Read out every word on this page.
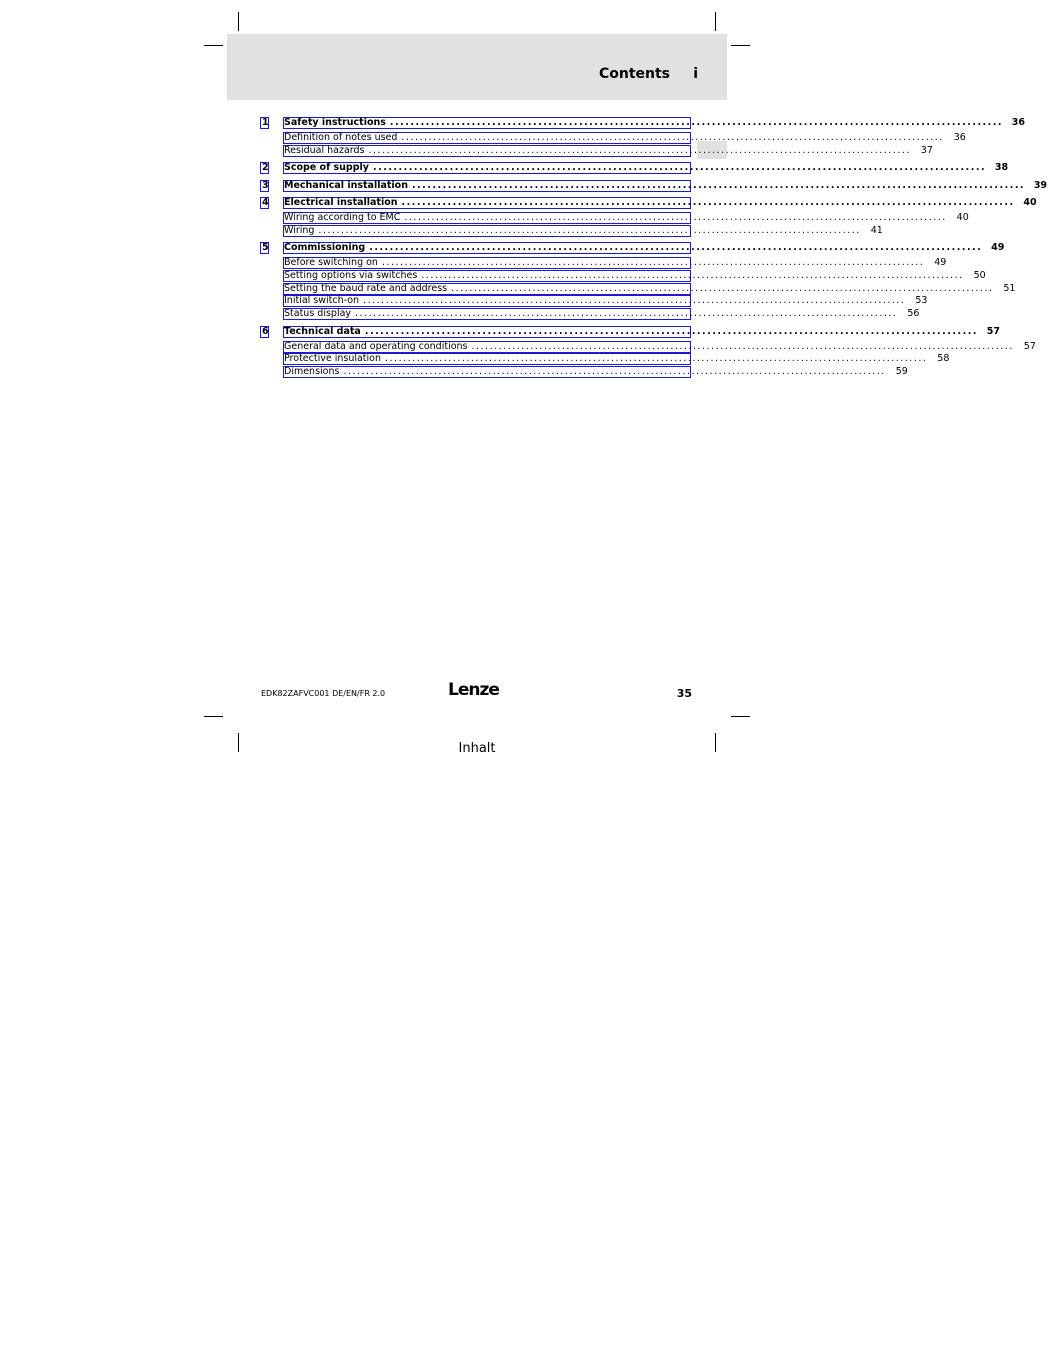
Contents i
1 Safety instructions ........................................................................................................................ 36
Definition of notes used ........................................................................................................................	36
Residual hazards ........................................................................................................................	37
2 Scope of supply ........................................................................................................................ 38
3 Mechanical installation ........................................................................................................................ 39
4 Electrical installation ........................................................................................................................ 40
Wiring according to EMC ........................................................................................................................	40
Wiring ........................................................................................................................	41
5 Commissioning ........................................................................................................................ 49
Before switching on ........................................................................................................................	49
Setting options via switches ........................................................................................................................	50
Setting the baud rate and address ........................................................................................................................	51
Initial switch-on ........................................................................................................................	53
Status display ........................................................................................................................	56
6 Technical data ........................................................................................................................ 57
General data and operating conditions ........................................................................................................................	57
Protective insulation ........................................................................................................................	58
Dimensions ........................................................................................................................	59
EDK82ZAFVC001 DE/EN/FR 2.0	Lenze	35
Inhalt
